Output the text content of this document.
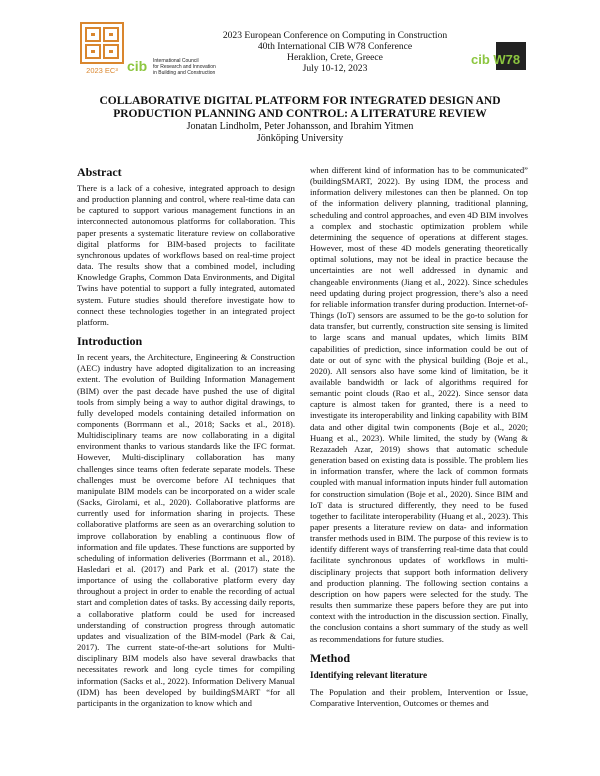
2023 EC³ cib International Council
for Research and Innovation
in Building and Construction
2023 European Conference on Computing in Construction
40th International CIB W78 Conference
Heraklion, Crete, Greece
July 10-12, 2023
cib W78
COLLABORATIVE DIGITAL PLATFORM FOR INTEGRATED DESIGN AND
PRODUCTION PLANNING AND CONTROL: A LITERATURE REVIEW
Jonatan Lindholm, Peter Johansson, and Ibrahim Yitmen
Jönköping University
Abstract

There is a lack of a cohesive, integrated approach to design and production planning and control, where real-time data can be captured to support various management functions in an interconnected autonomous platforms for collaboration. This paper presents a systematic literature review on collaborative digital platforms for BIM-based projects to facilitate synchronous updates of workflows based on real-time project data. The results show that a combined model, including Knowledge Graphs, Common Data Environments, and Digital Twins have potential to support a fully integrated, automated system. Future studies should therefore investigate how to connect these technologies together in an integrated project platform.

Introduction

In recent years, the Architecture, Engineering & Construction (AEC) industry have adopted digitalization to an increasing extent. The evolution of Building Information Management (BIM) over the past decade have pushed the use of digital tools from simply being a way to author digital drawings, to fully developed models containing detailed information on components (Borrmann et al., 2018; Sacks et al., 2018). Multidisciplinary teams are now collaborating in a digital environment thanks to various standards like the IFC format. However, Multi-disciplinary collaboration has many challenges since teams often federate separate models. These challenges must be overcome before AI techniques that manipulate BIM models can be incorporated on a wider scale (Sacks, Girolami, et al., 2020). Collaborative platforms are currently used for information sharing in projects. These collaborative platforms are seen as an overarching solution to improve collaboration by enabling a continuous flow of information and file updates. These functions are supported by scheduling of information deliveries (Borrmann et al., 2018). Hasledari et al. (2017) and Park et al. (2017) state the importance of using the collaborative platform every day throughout a project in order to enable the recording of actual start and completion dates of tasks. By accessing daily reports, a collaborative platform could be used for increased understanding of construction progress through automatic updates and visualization of the BIM-model (Park & Cai, 2017). The current state-of-the-art solutions for Multi-disciplinary BIM models also have several drawbacks that necessitates rework and long cycle times for compiling information (Sacks et al., 2022). Information Delivery Manual (IDM) has been developed by buildingSMART “for all participants in the organization to know which and

when different kind of information has to be communicated” (buildingSMART, 2022). By using IDM, the process and information delivery milestones can then be planned. On top of the information delivery planning, traditional planning, scheduling and control approaches, and even 4D BIM involves a complex and stochastic optimization problem while determining the sequence of operations at different stages. However, most of these 4D models generating theoretically optimal solutions, may not be ideal in practice because the uncertainties are not well addressed in dynamic and changeable environments (Jiang et al., 2022). Since schedules need updating during project progression, there’s also a need for reliable information transfer during production. Internet-of-Things (IoT) sensors are assumed to be the go-to solution for data transfer, but currently, construction site sensing is limited to large scans and manual updates, which limits BIM capabilities of prediction, since information could be out of date or out of sync with the physical building (Boje et al., 2020). All sensors also have some kind of limitation, be it available bandwidth or lack of algorithms required for semantic point clouds (Rao et al., 2022). Since sensor data capture is almost taken for granted, there is a need to investigate its interoperability and linking capability with BIM data and other digital twin components (Boje et al., 2020; Huang et al., 2023). While limited, the study by (Wang & Rezazadeh Azar, 2019) shows that automatic schedule generation based on existing data is possible. The problem lies in information transfer, where the lack of common formats coupled with manual information inputs hinder full automation for construction simulation (Boje et al., 2020). Since BIM and IoT data is structured differently, they need to be fused together to facilitate interoperability (Huang et al., 2023). This paper presents a literature review on data- and information transfer methods used in BIM. The purpose of this review is to identify different ways of transferring real-time data that could facilitate synchronous updates of workflows in multi-disciplinary projects that support both information delivery and production planning. The following section contains a description on how papers were selected for the study. The results then summarize these papers before they are put into context with the introduction in the discussion section. Finally, the conclusion contains a short summary of the study as well as recommendations for future studies.

Method
Identifying relevant literature

The Population and their problem, Intervention or Issue, Comparative Intervention, Outcomes or themes and
